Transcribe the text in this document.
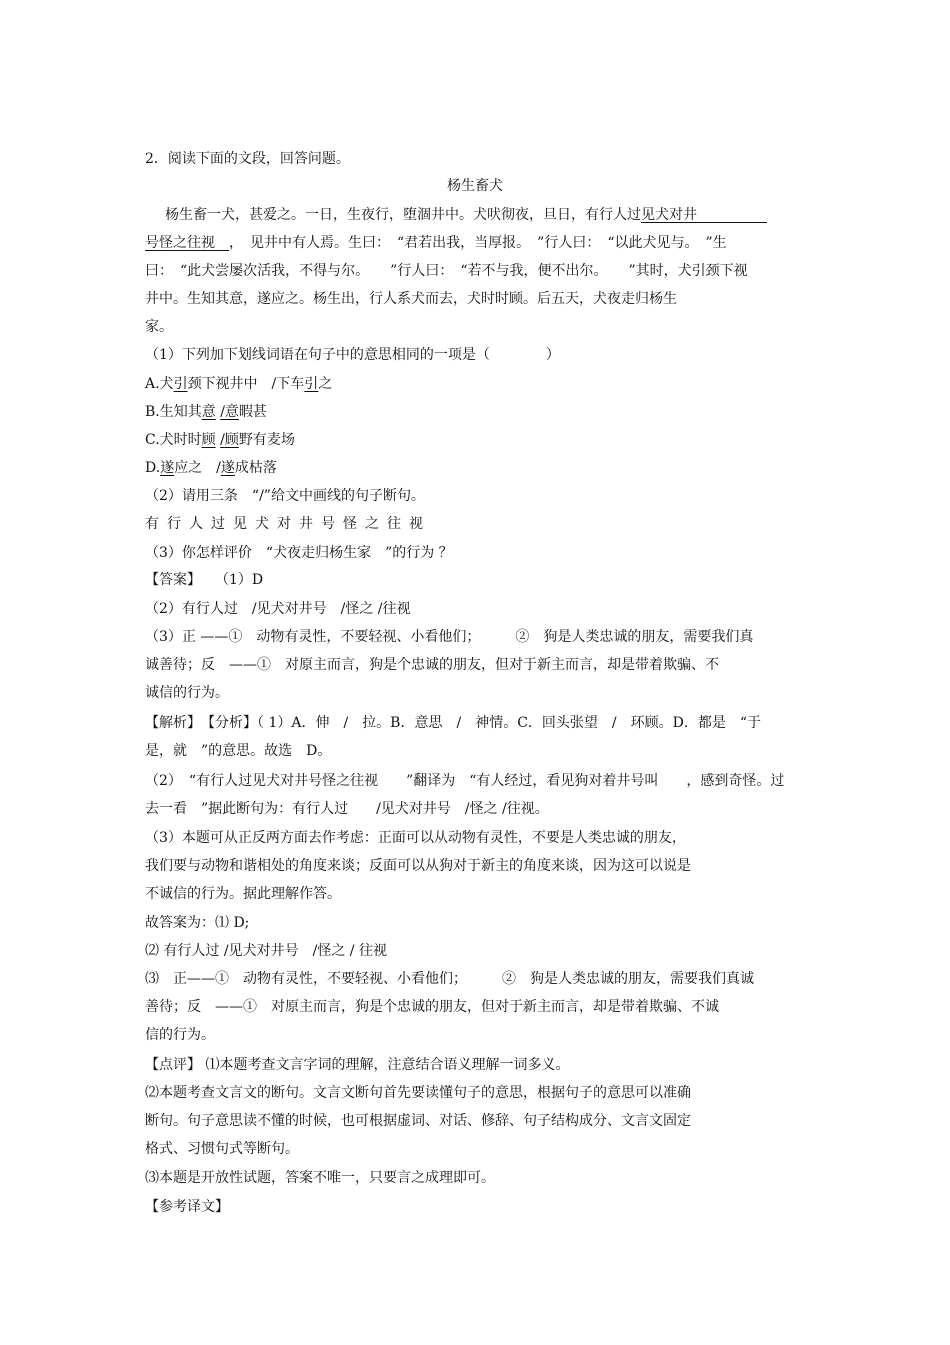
2．阅读下面的文段，回答问题。
杨生畜犬
杨生畜一犬，甚爱之。一日，生夜行，堕涸井中。犬吠彻夜，旦日，有行人过见犬对井     
号怪之往视  ，　见井中有人焉。生曰：　“君若出我，当厚报。　”行人曰：　“以此犬见与。　”生
曰：　“此犬尝屡次活我，不得与尔。　　”行人曰：　“若不与我，便不出尔。　　”其时，犬引颈下视
井中。生知其意，遂应之。杨生出，行人系犬而去，犬时时顾。后五天，犬夜走归杨生
家。
（1）下列加下划线词语在句子中的意思相同的一项是（　　　　）
A.犬引颈下视井中　/下车引之
B.生知其意 /意暇甚
C.犬时时顾 /顾野有麦场
D.遂应之　/遂成枯落
（2）请用三条　“/”给文中画线的句子断句。
有 行 人 过 见 犬 对 井 号 怪 之 往 视
（3）你怎样评价　“犬夜走归杨生家　”的行为 ？
【答案】  （1）D
（2）有行人过　/见犬对井号　/怪之 /往视
（3）正 ——①　动物有灵性，不要轻视、小看他们；　　　②　狗是人类忠诚的朋友，需要我们真
诚善待；反　——①　对原主而言，狗是个忠诚的朋友，但对于新主而言，却是带着欺骗、不
诚信的行为。
【解析】　【分析】（ 1）A．伸　/　拉。B．意思　/　神情。C．回头张望　/　环顾。D．都是　“于
是，就　”的意思。故选　D。
（2）　“有行人过见犬对井号怪之往视　　”翻译为　“有人经过，看见狗对着井号叫　　，感到奇怪。过
去一看　”据此断句为：有行人过　　/见犬对井号　/怪之 /往视。
（3）本题可从正反两方面去作考虑：正面可以从动物有灵性，不要是人类忠诚的朋友，
我们要与动物和谐相处的角度来谈；反面可以从狗对于新主的角度来谈，因为这可以说是
不诚信的行为。据此理解作答。
故答案为：⑴ D;
⑵ 有行人过 /见犬对井号　/怪之 / 往视
⑶　正——①　动物有灵性，不要轻视、小看他们；　　　②　狗是人类忠诚的朋友，需要我们真诚
善待；反　——①　对原主而言，狗是个忠诚的朋友，但对于新主而言，却是带着欺骗、不诚
信的行为。
【点评】 ⑴本题考查文言字词的理解，注意结合语义理解一词多义。
⑵本题考查文言文的断句。文言文断句首先要读懂句子的意思，根据句子的意思可以准确
断句。句子意思读不懂的时候，也可根据虚词、对话、修辞、句子结构成分、文言文固定
格式、习惯句式等断句。
⑶本题是开放性试题，答案不唯一，只要言之成理即可。
【参考译文】
